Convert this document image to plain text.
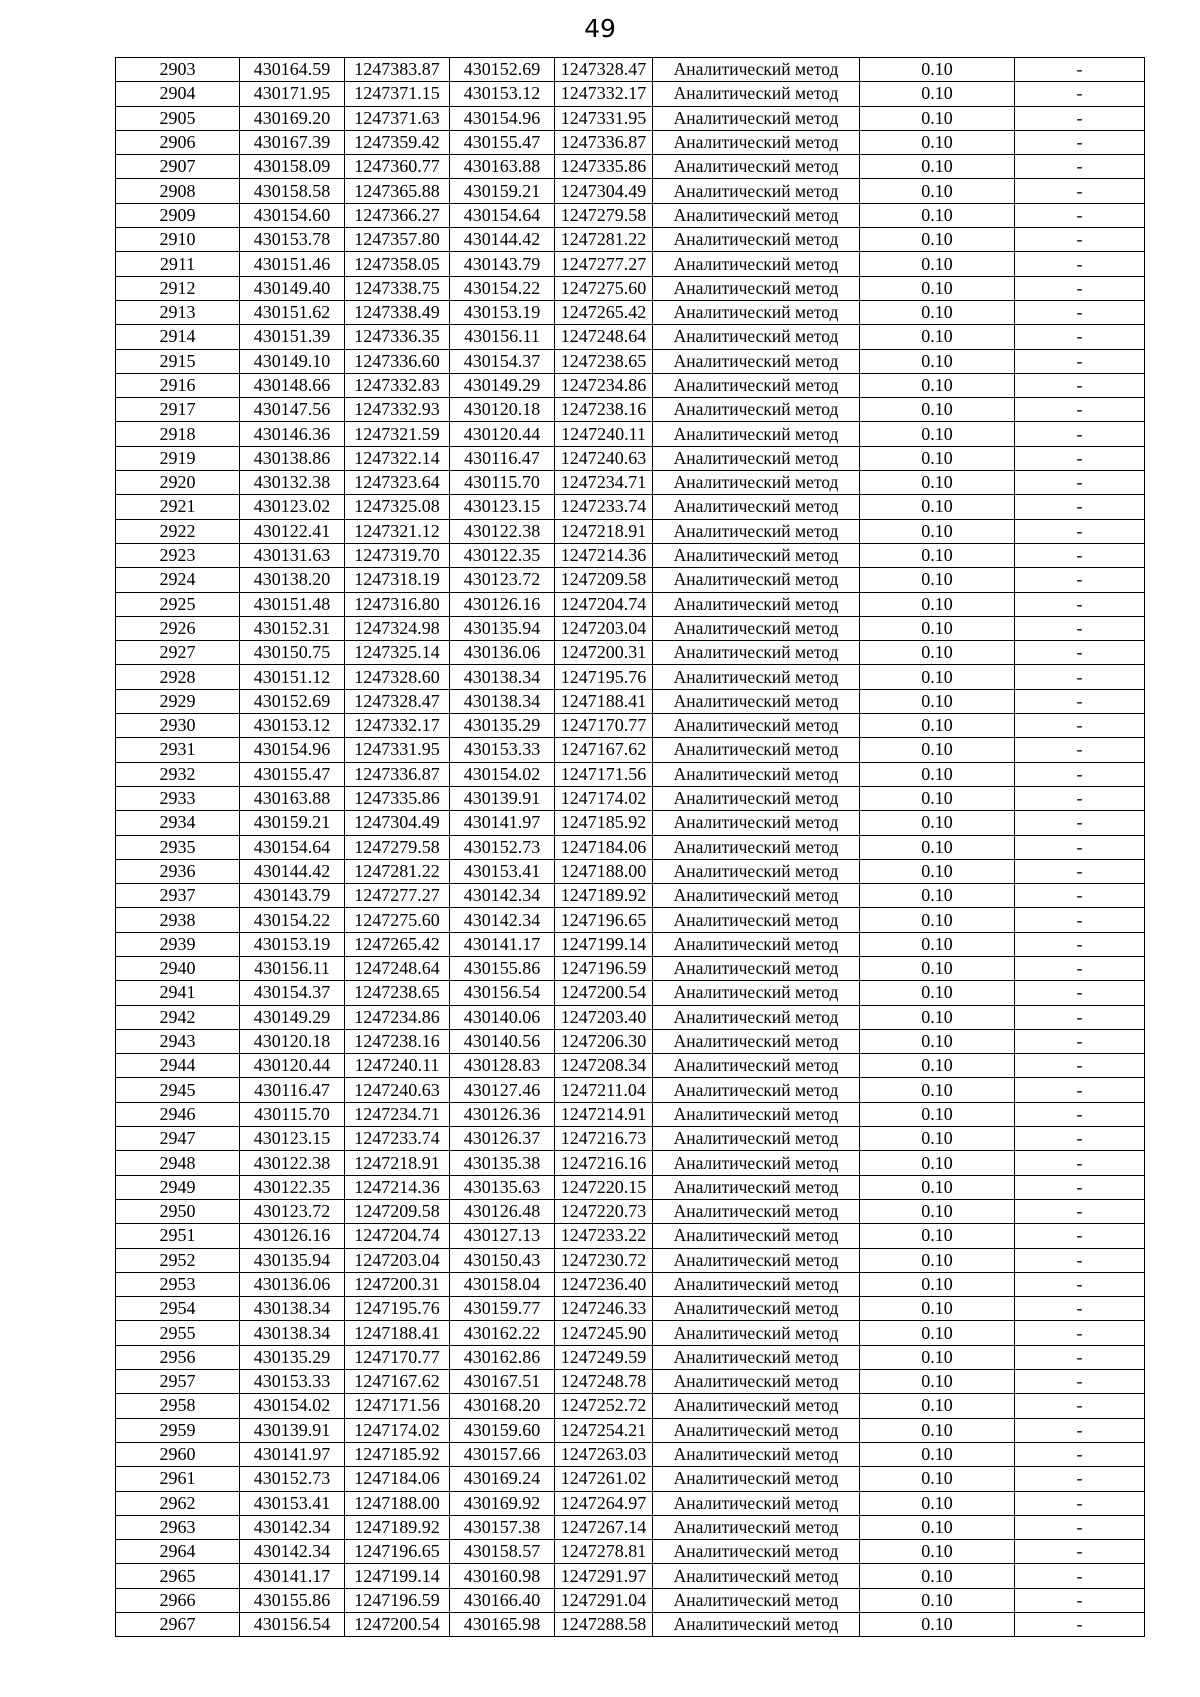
49
2903	430164.59	1247383.87	430152.69	1247328.47	Аналитический метод	0.10	-
2904	430171.95	1247371.15	430153.12	1247332.17	Аналитический метод	0.10	-
2905	430169.20	1247371.63	430154.96	1247331.95	Аналитический метод	0.10	-
2906	430167.39	1247359.42	430155.47	1247336.87	Аналитический метод	0.10	-
2907	430158.09	1247360.77	430163.88	1247335.86	Аналитический метод	0.10	-
2908	430158.58	1247365.88	430159.21	1247304.49	Аналитический метод	0.10	-
2909	430154.60	1247366.27	430154.64	1247279.58	Аналитический метод	0.10	-
2910	430153.78	1247357.80	430144.42	1247281.22	Аналитический метод	0.10	-
2911	430151.46	1247358.05	430143.79	1247277.27	Аналитический метод	0.10	-
2912	430149.40	1247338.75	430154.22	1247275.60	Аналитический метод	0.10	-
2913	430151.62	1247338.49	430153.19	1247265.42	Аналитический метод	0.10	-
2914	430151.39	1247336.35	430156.11	1247248.64	Аналитический метод	0.10	-
2915	430149.10	1247336.60	430154.37	1247238.65	Аналитический метод	0.10	-
2916	430148.66	1247332.83	430149.29	1247234.86	Аналитический метод	0.10	-
2917	430147.56	1247332.93	430120.18	1247238.16	Аналитический метод	0.10	-
2918	430146.36	1247321.59	430120.44	1247240.11	Аналитический метод	0.10	-
2919	430138.86	1247322.14	430116.47	1247240.63	Аналитический метод	0.10	-
2920	430132.38	1247323.64	430115.70	1247234.71	Аналитический метод	0.10	-
2921	430123.02	1247325.08	430123.15	1247233.74	Аналитический метод	0.10	-
2922	430122.41	1247321.12	430122.38	1247218.91	Аналитический метод	0.10	-
2923	430131.63	1247319.70	430122.35	1247214.36	Аналитический метод	0.10	-
2924	430138.20	1247318.19	430123.72	1247209.58	Аналитический метод	0.10	-
2925	430151.48	1247316.80	430126.16	1247204.74	Аналитический метод	0.10	-
2926	430152.31	1247324.98	430135.94	1247203.04	Аналитический метод	0.10	-
2927	430150.75	1247325.14	430136.06	1247200.31	Аналитический метод	0.10	-
2928	430151.12	1247328.60	430138.34	1247195.76	Аналитический метод	0.10	-
2929	430152.69	1247328.47	430138.34	1247188.41	Аналитический метод	0.10	-
2930	430153.12	1247332.17	430135.29	1247170.77	Аналитический метод	0.10	-
2931	430154.96	1247331.95	430153.33	1247167.62	Аналитический метод	0.10	-
2932	430155.47	1247336.87	430154.02	1247171.56	Аналитический метод	0.10	-
2933	430163.88	1247335.86	430139.91	1247174.02	Аналитический метод	0.10	-
2934	430159.21	1247304.49	430141.97	1247185.92	Аналитический метод	0.10	-
2935	430154.64	1247279.58	430152.73	1247184.06	Аналитический метод	0.10	-
2936	430144.42	1247281.22	430153.41	1247188.00	Аналитический метод	0.10	-
2937	430143.79	1247277.27	430142.34	1247189.92	Аналитический метод	0.10	-
2938	430154.22	1247275.60	430142.34	1247196.65	Аналитический метод	0.10	-
2939	430153.19	1247265.42	430141.17	1247199.14	Аналитический метод	0.10	-
2940	430156.11	1247248.64	430155.86	1247196.59	Аналитический метод	0.10	-
2941	430154.37	1247238.65	430156.54	1247200.54	Аналитический метод	0.10	-
2942	430149.29	1247234.86	430140.06	1247203.40	Аналитический метод	0.10	-
2943	430120.18	1247238.16	430140.56	1247206.30	Аналитический метод	0.10	-
2944	430120.44	1247240.11	430128.83	1247208.34	Аналитический метод	0.10	-
2945	430116.47	1247240.63	430127.46	1247211.04	Аналитический метод	0.10	-
2946	430115.70	1247234.71	430126.36	1247214.91	Аналитический метод	0.10	-
2947	430123.15	1247233.74	430126.37	1247216.73	Аналитический метод	0.10	-
2948	430122.38	1247218.91	430135.38	1247216.16	Аналитический метод	0.10	-
2949	430122.35	1247214.36	430135.63	1247220.15	Аналитический метод	0.10	-
2950	430123.72	1247209.58	430126.48	1247220.73	Аналитический метод	0.10	-
2951	430126.16	1247204.74	430127.13	1247233.22	Аналитический метод	0.10	-
2952	430135.94	1247203.04	430150.43	1247230.72	Аналитический метод	0.10	-
2953	430136.06	1247200.31	430158.04	1247236.40	Аналитический метод	0.10	-
2954	430138.34	1247195.76	430159.77	1247246.33	Аналитический метод	0.10	-
2955	430138.34	1247188.41	430162.22	1247245.90	Аналитический метод	0.10	-
2956	430135.29	1247170.77	430162.86	1247249.59	Аналитический метод	0.10	-
2957	430153.33	1247167.62	430167.51	1247248.78	Аналитический метод	0.10	-
2958	430154.02	1247171.56	430168.20	1247252.72	Аналитический метод	0.10	-
2959	430139.91	1247174.02	430159.60	1247254.21	Аналитический метод	0.10	-
2960	430141.97	1247185.92	430157.66	1247263.03	Аналитический метод	0.10	-
2961	430152.73	1247184.06	430169.24	1247261.02	Аналитический метод	0.10	-
2962	430153.41	1247188.00	430169.92	1247264.97	Аналитический метод	0.10	-
2963	430142.34	1247189.92	430157.38	1247267.14	Аналитический метод	0.10	-
2964	430142.34	1247196.65	430158.57	1247278.81	Аналитический метод	0.10	-
2965	430141.17	1247199.14	430160.98	1247291.97	Аналитический метод	0.10	-
2966	430155.86	1247196.59	430166.40	1247291.04	Аналитический метод	0.10	-
2967	430156.54	1247200.54	430165.98	1247288.58	Аналитический метод	0.10	-
